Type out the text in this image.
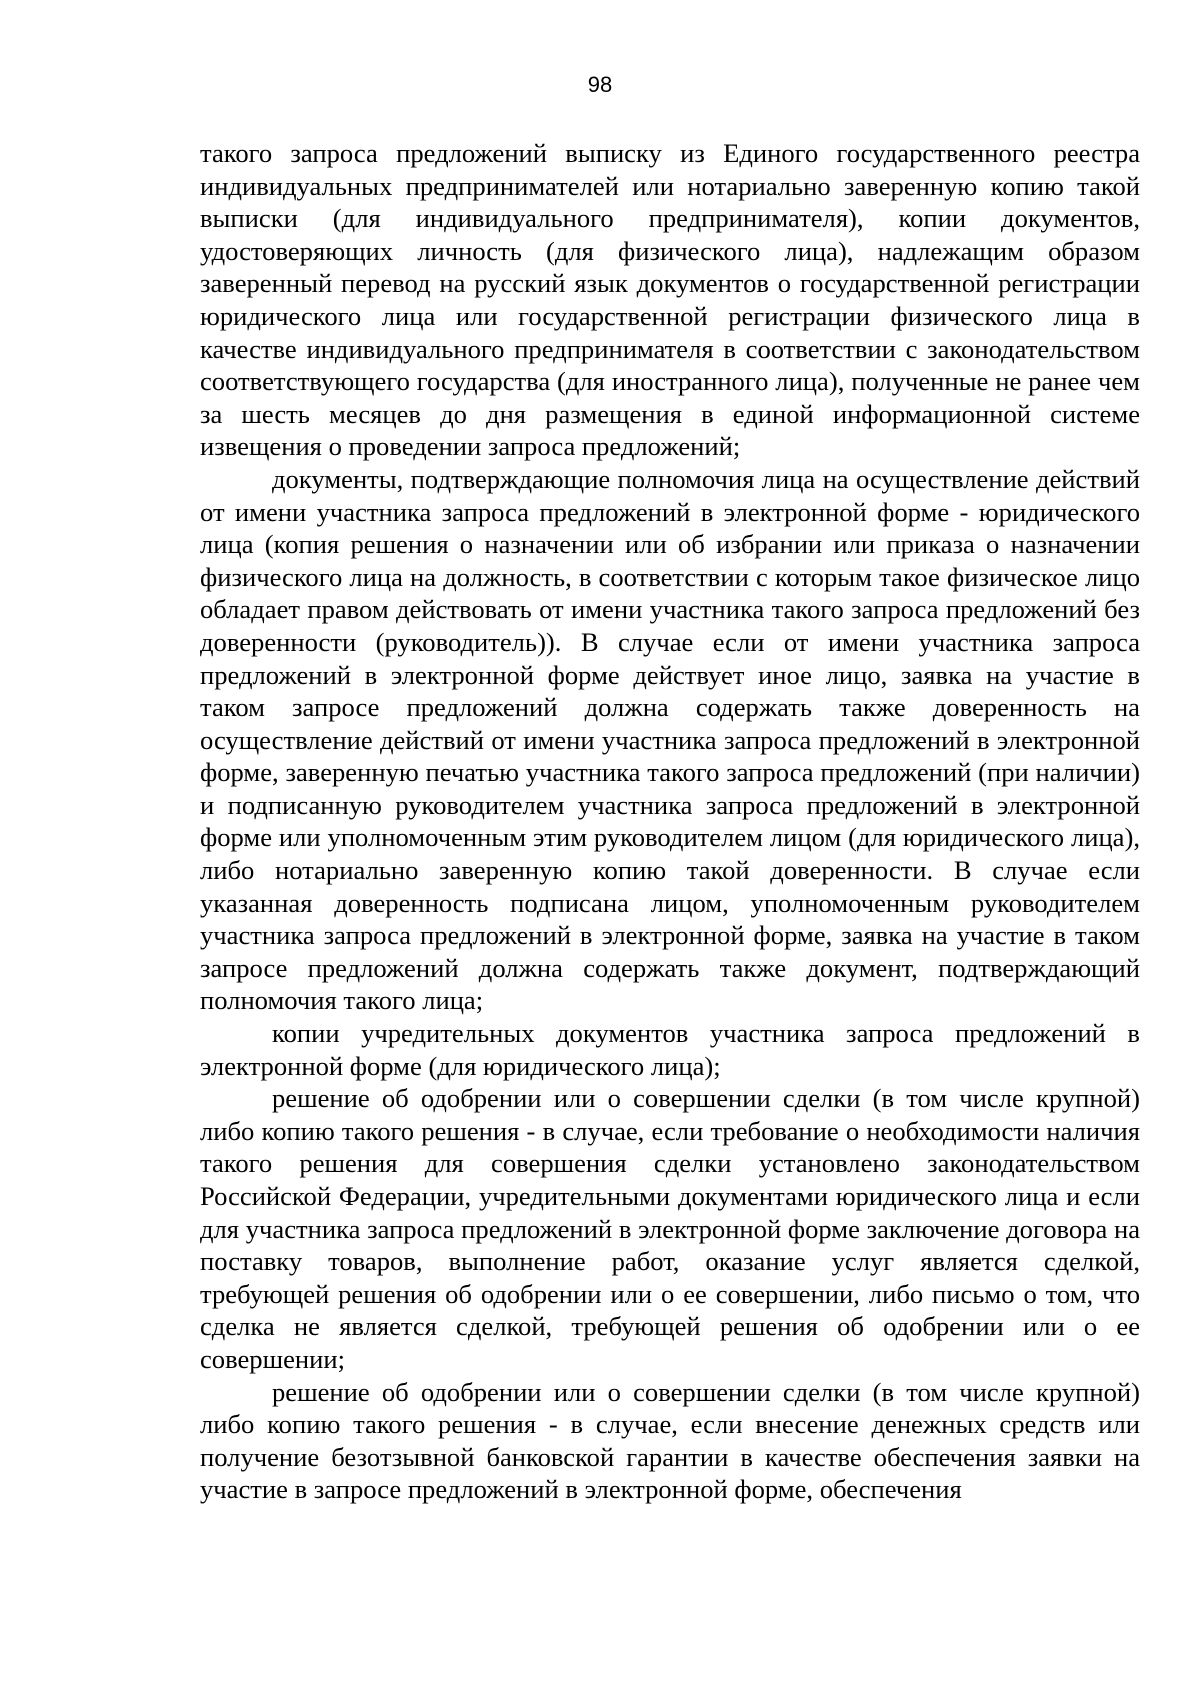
98

такого запроса предложений выписку из Единого государственного реестра индивидуальных предпринимателей или нотариально заверенную копию такой выписки (для индивидуального предпринимателя), копии документов, удостоверяющих личность (для физического лица), надлежащим образом заверенный перевод на русский язык документов о государственной регистрации юридического лица или государственной регистрации физического лица в качестве индивидуального предпринимателя в соответствии с законодательством соответствующего государства (для иностранного лица), полученные не ранее чем за шесть месяцев до дня размещения в единой информационной системе извещения о проведении запроса предложений;

документы, подтверждающие полномочия лица на осуществление действий от имени участника запроса предложений в электронной форме - юридического лица (копия решения о назначении или об избрании или приказа о назначении физического лица на должность, в соответствии с которым такое физическое лицо обладает правом действовать от имени участника такого запроса предложений без доверенности (руководитель)). В случае если от имени участника запроса предложений в электронной форме действует иное лицо, заявка на участие в таком запросе предложений должна содержать также доверенность на осуществление действий от имени участника запроса предложений в электронной форме, заверенную печатью участника такого запроса предложений (при наличии) и подписанную руководителем участника запроса предложений в электронной форме или уполномоченным этим руководителем лицом (для юридического лица), либо нотариально заверенную копию такой доверенности. В случае если указанная доверенность подписана лицом, уполномоченным руководителем участника запроса предложений в электронной форме, заявка на участие в таком запросе предложений должна содержать также документ, подтверждающий полномочия такого лица;

копии учредительных документов участника запроса предложений в электронной форме (для юридического лица);

решение об одобрении или о совершении сделки (в том числе крупной) либо копию такого решения - в случае, если требование о необходимости наличия такого решения для совершения сделки установлено законодательством Российской Федерации, учредительными документами юридического лица и если для участника запроса предложений в электронной форме заключение договора на поставку товаров, выполнение работ, оказание услуг является сделкой, требующей решения об одобрении или о ее совершении, либо письмо о том, что сделка не является сделкой, требующей решения об одобрении или о ее совершении;

решение об одобрении или о совершении сделки (в том числе крупной) либо копию такого решения - в случае, если внесение денежных средств или получение безотзывной банковской гарантии в качестве обеспечения заявки на участие в запросе предложений в электронной форме, обеспечения
